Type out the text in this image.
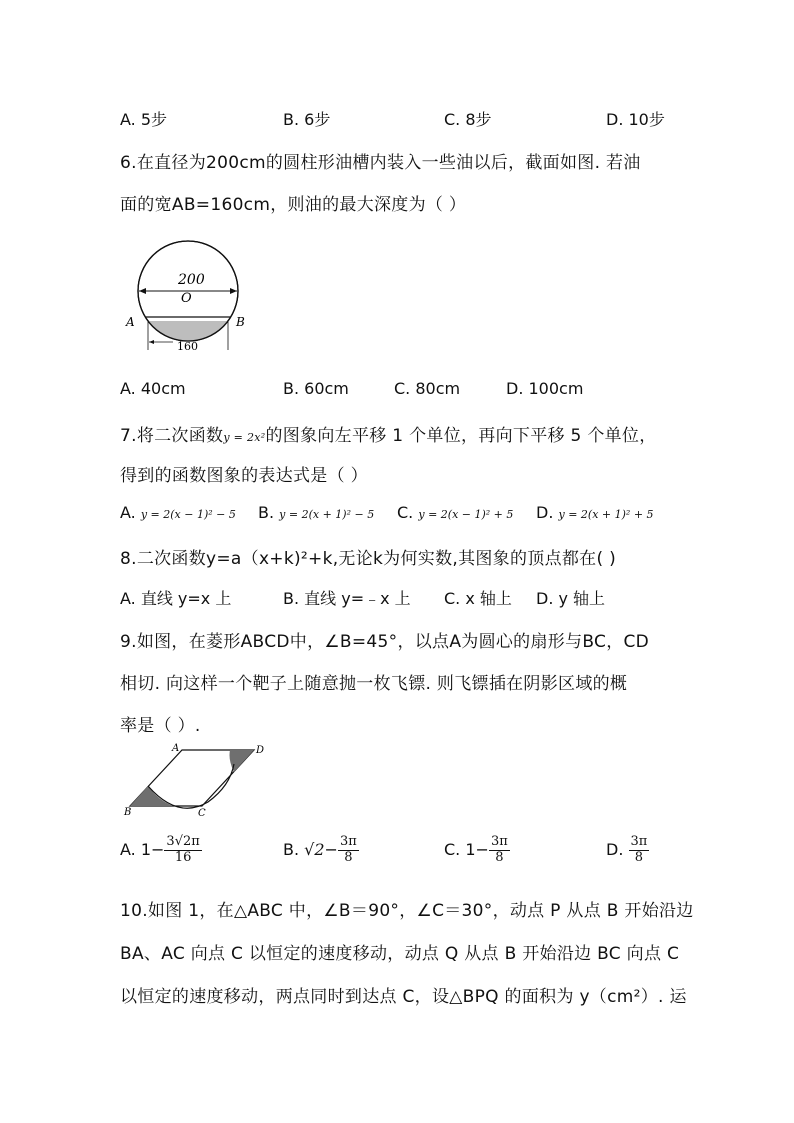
A. 5步	B. 6步	C. 8步	D. 10步
6.在直径为200cm的圆柱形油槽内装入一些油以后，截面如图. 若油
面的宽AB=160cm，则油的最大深度为（ ）
200
O
A	B
160
A. 40cm	B. 60cm	C. 80cm	D. 100cm
7.将二次函数y = 2x²的图象向左平移 1 个单位，再向下平移 5 个单位，
得到的函数图象的表达式是（ ）
A. y = 2(x − 1)² − 5 B. y = 2(x + 1)² − 5 C. y = 2(x − 1)² + 5 D. y = 2(x + 1)² + 5
8.二次函数y=a（x+k)²+k,无论k为何实数,其图象的顶点都在( )
A. 直线 y=x 上	B. 直线 y=﹣x 上 C. x 轴上 D. y 轴上
9.如图，在菱形ABCD中，∠B=45°，以点A为圆心的扇形与BC，CD
相切. 向这样一个靶子上随意抛一枚飞镖. 则飞镖插在阴影区域的概
率是（ ）.
A	D
B	C
A. $1- \frac{3√2\pi}{16}$	B. $√2- \frac{3\pi}{8}$	C. $1- \frac{3\pi}{8}$	D. $\frac{3\pi}{8}$
10.如图 1，在△ABC 中，∠B＝90°，∠C＝30°，动点 P 从点 B 开始沿边
BA、AC 向点 C 以恒定的速度移动，动点 Q 从点 B 开始沿边 BC 向点 C
以恒定的速度移动，两点同时到达点 C，设△BPQ 的面积为 y（cm²）. 运
